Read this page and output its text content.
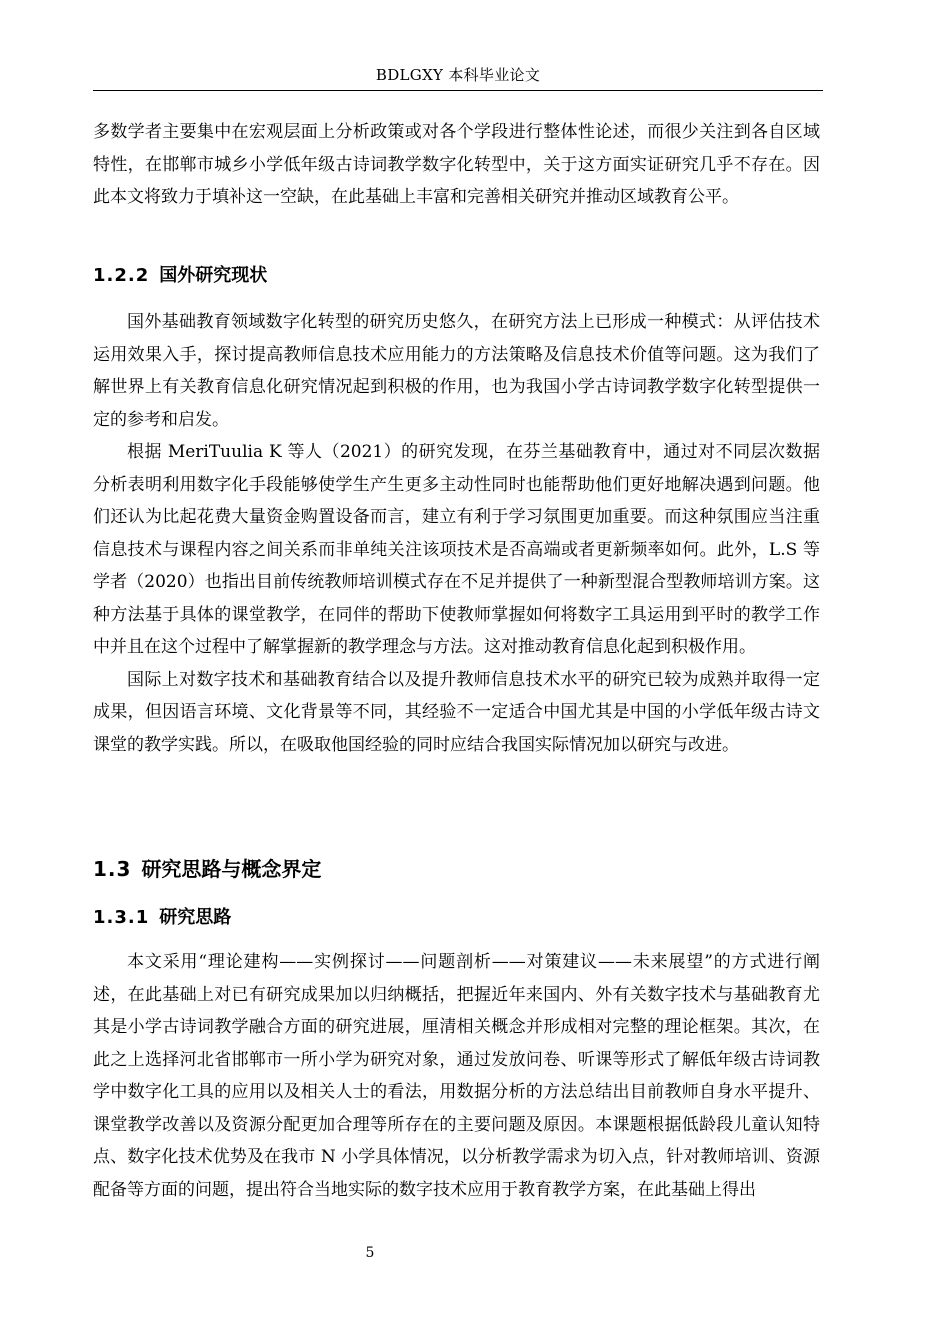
BDLGXY 本科毕业论文

多数学者主要集中在宏观层面上分析政策或对各个学段进行整体性论述，而很少关注到各自区域特性，在邯郸市城乡小学低年级古诗词教学数字化转型中，关于这方面实证研究几乎不存在。因此本文将致力于填补这一空缺，在此基础上丰富和完善相关研究并推动区域教育公平。

1.2.2 国外研究现状

国外基础教育领域数字化转型的研究历史悠久，在研究方法上已形成一种模式：从评估技术运用效果入手，探讨提高教师信息技术应用能力的方法策略及信息技术价值等问题。这为我们了解世界上有关教育信息化研究情况起到积极的作用，也为我国小学古诗词教学数字化转型提供一定的参考和启发。

根据 MeriTuulia K 等人（2021）的研究发现，在芬兰基础教育中，通过对不同层次数据分析表明利用数字化手段能够使学生产生更多主动性同时也能帮助他们更好地解决遇到问题。他们还认为比起花费大量资金购置设备而言，建立有利于学习氛围更加重要。而这种氛围应当注重信息技术与课程内容之间关系而非单纯关注该项技术是否高端或者更新频率如何。此外，L.S 等学者（2020）也指出目前传统教师培训模式存在不足并提供了一种新型混合型教师培训方案。这种方法基于具体的课堂教学，在同伴的帮助下使教师掌握如何将数字工具运用到平时的教学工作中并且在这个过程中了解掌握新的教学理念与方法。这对推动教育信息化起到积极作用。

国际上对数字技术和基础教育结合以及提升教师信息技术水平的研究已较为成熟并取得一定成果，但因语言环境、文化背景等不同，其经验不一定适合中国尤其是中国的小学低年级古诗文课堂的教学实践。所以，在吸取他国经验的同时应结合我国实际情况加以研究与改进。

1.3 研究思路与概念界定
1.3.1 研究思路

本文采用“理论建构——实例探讨——问题剖析——对策建议——未来展望”的方式进行阐述，在此基础上对已有研究成果加以归纳概括，把握近年来国内、外有关数字技术与基础教育尤其是小学古诗词教学融合方面的研究进展，厘清相关概念并形成相对完整的理论框架。其次，在此之上选择河北省邯郸市一所小学为研究对象，通过发放问卷、听课等形式了解低年级古诗词教学中数字化工具的应用以及相关人士的看法，用数据分析的方法总结出目前教师自身水平提升、课堂教学改善以及资源分配更加合理等所存在的主要问题及原因。本课题根据低龄段儿童认知特点、数字化技术优势及在我市 N 小学具体情况，以分析教学需求为切入点，针对教师培训、资源配备等方面的问题，提出符合当地实际的数字技术应用于教育教学方案，在此基础上得出

5
